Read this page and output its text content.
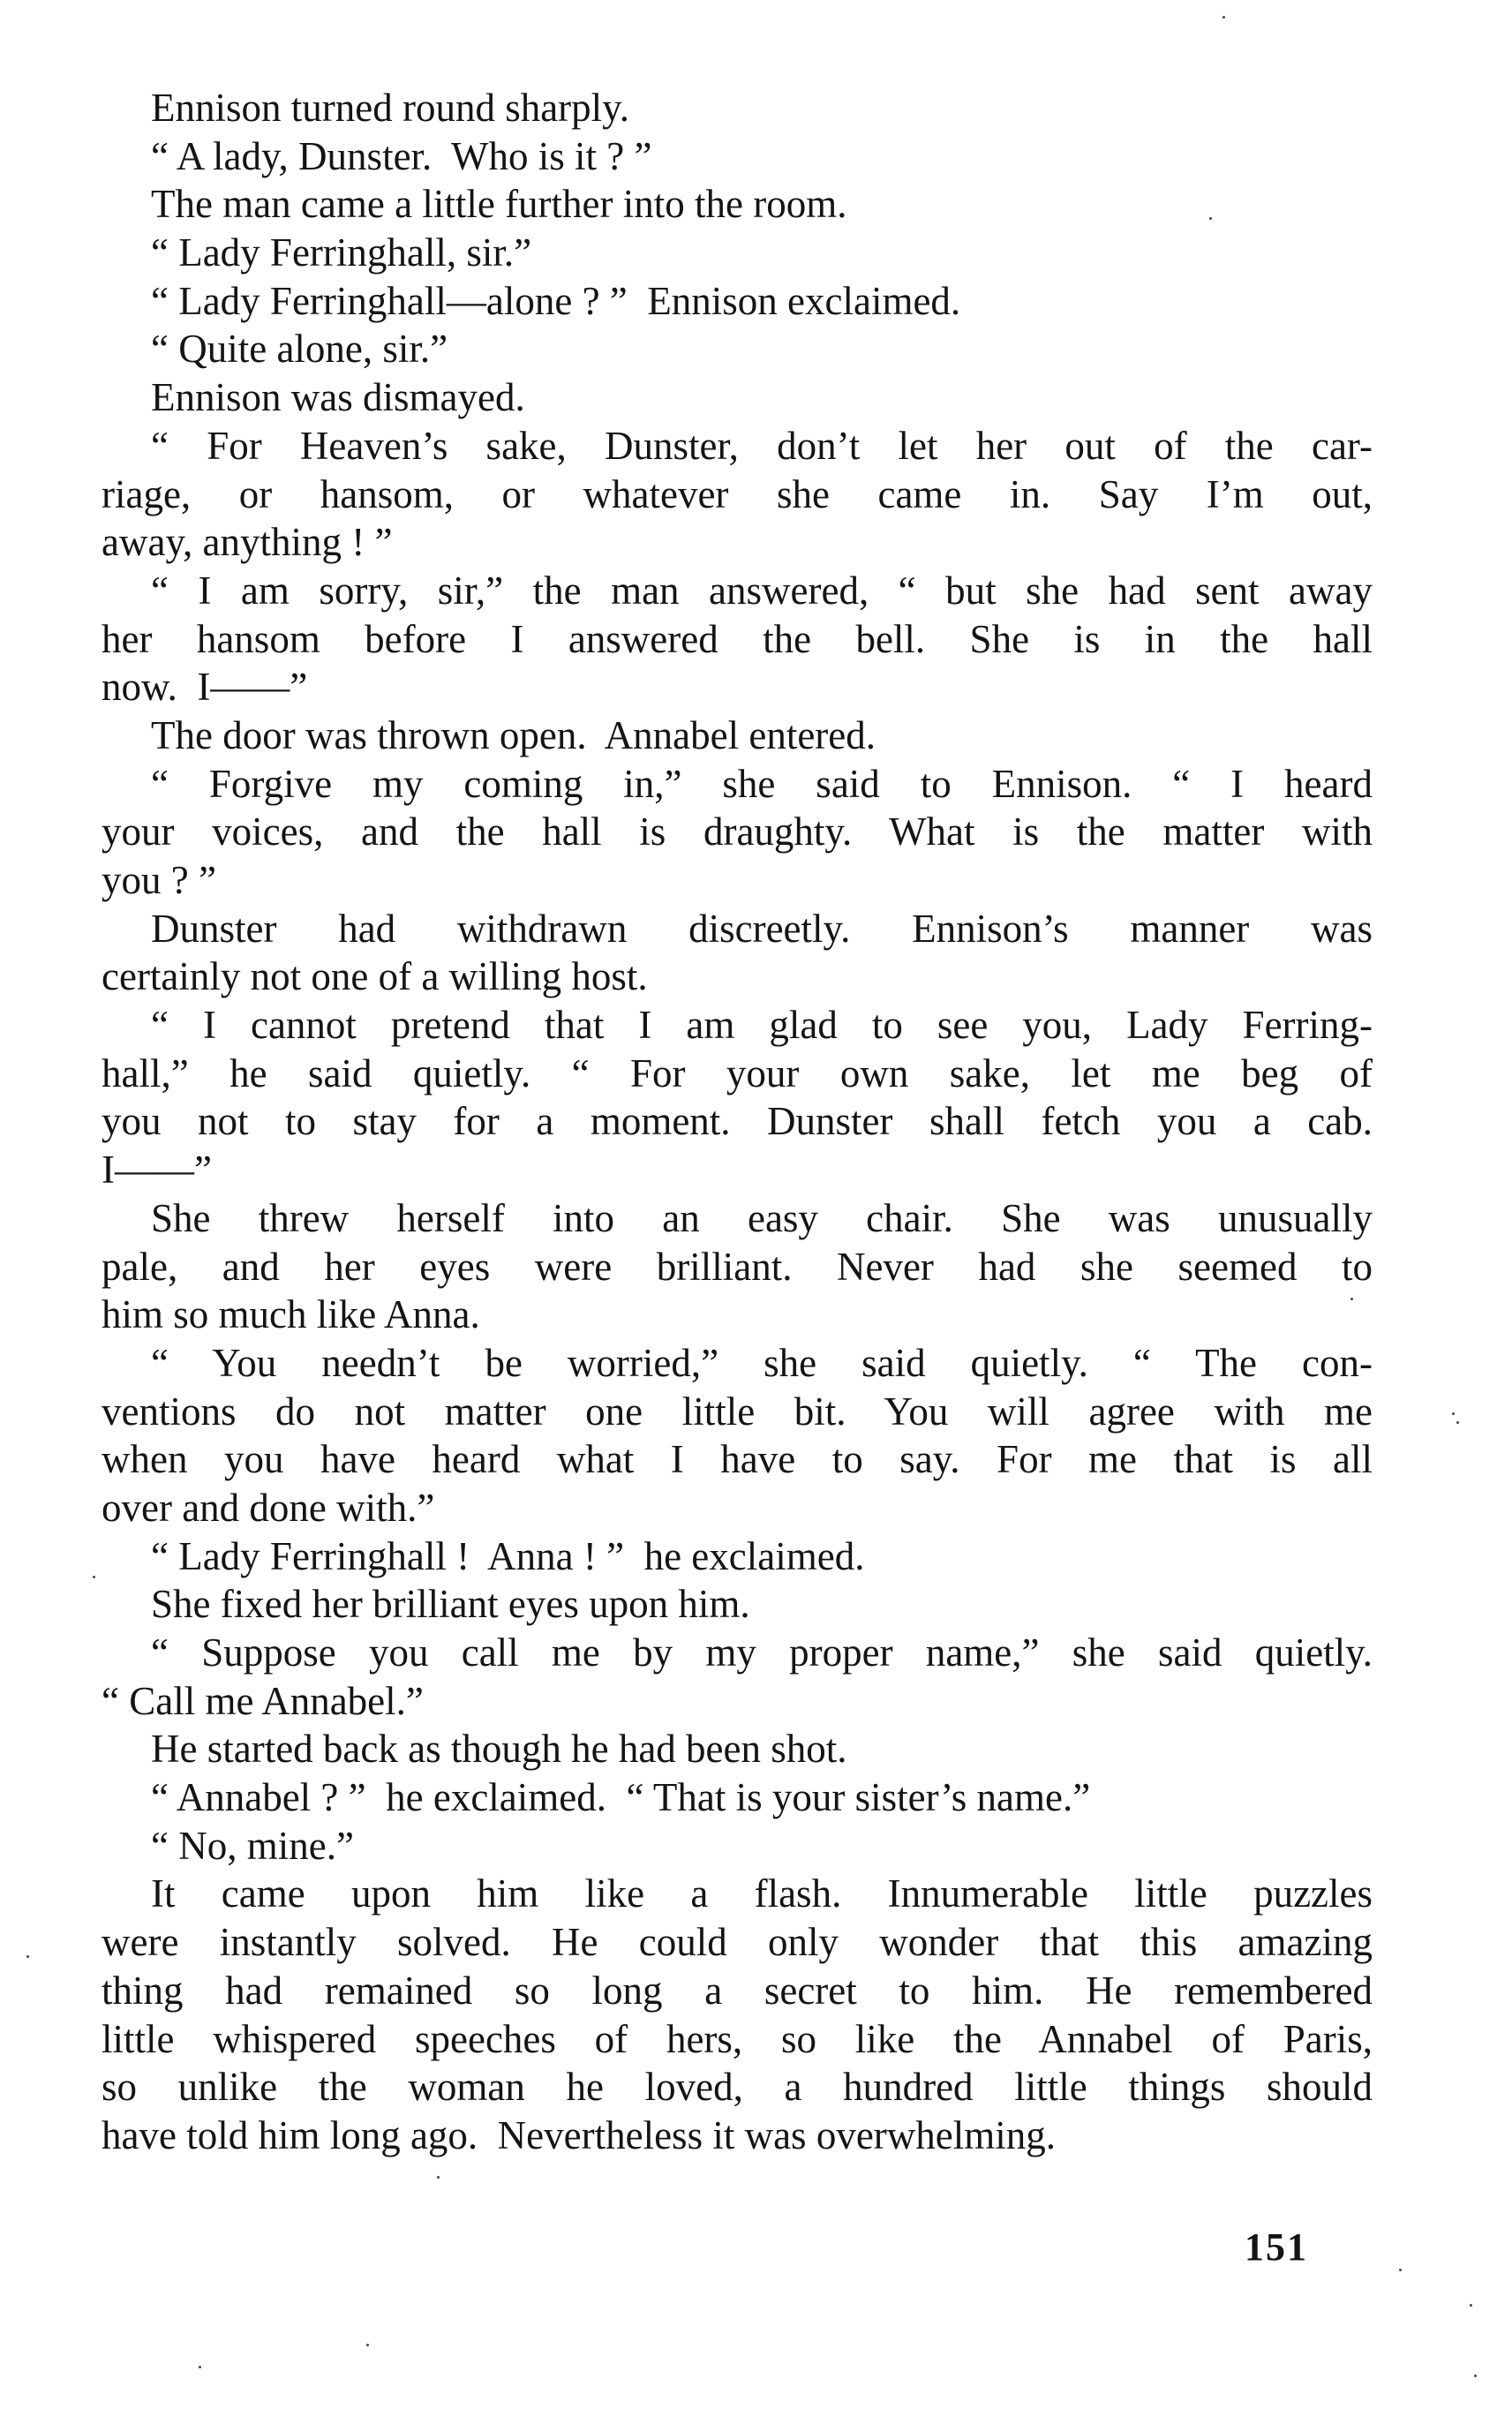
Ennison turned round sharply.
“ A lady, Dunster.  Who is it ? ”
The man came a little further into the room.
“ Lady Ferringhall, sir.”
“ Lady Ferringhall—alone ? ”  Ennison exclaimed.
“ Quite alone, sir.”
Ennison was dismayed.
“ For Heaven’s sake, Dunster, don’t let her out of the car-
riage, or hansom, or whatever she came in. Say I’m out,
away, anything ! ”
“ I am sorry, sir,” the man answered, “ but she had sent away
her hansom before I answered the bell. She is in the hall
now.  I——”
The door was thrown open.  Annabel entered.
“ Forgive my coming in,” she said to Ennison. “ I heard
your voices, and the hall is draughty. What is the matter with
you ? ”
Dunster had withdrawn discreetly. Ennison’s manner was
certainly not one of a willing host.
“ I cannot pretend that I am glad to see you, Lady Ferring-
hall,” he said quietly. “ For your own sake, let me beg of
you not to stay for a moment. Dunster shall fetch you a cab.
I——”
She threw herself into an easy chair. She was unusually
pale, and her eyes were brilliant. Never had she seemed to
him so much like Anna.
“ You needn’t be worried,” she said quietly. “ The con-
ventions do not matter one little bit. You will agree with me
when you have heard what I have to say. For me that is all
over and done with.”
“ Lady Ferringhall !  Anna ! ”  he exclaimed.
She fixed her brilliant eyes upon him.
“ Suppose you call me by my proper name,” she said quietly.
“ Call me Annabel.”
He started back as though he had been shot.
“ Annabel ? ”  he exclaimed.  “ That is your sister’s name.”
“ No, mine.”
It came upon him like a flash. Innumerable little puzzles
were instantly solved. He could only wonder that this amazing
thing had remained so long a secret to him. He remembered
little whispered speeches of hers, so like the Annabel of Paris,
so unlike the woman he loved, a hundred little things should
have told him long ago.  Nevertheless it was overwhelming.
151
